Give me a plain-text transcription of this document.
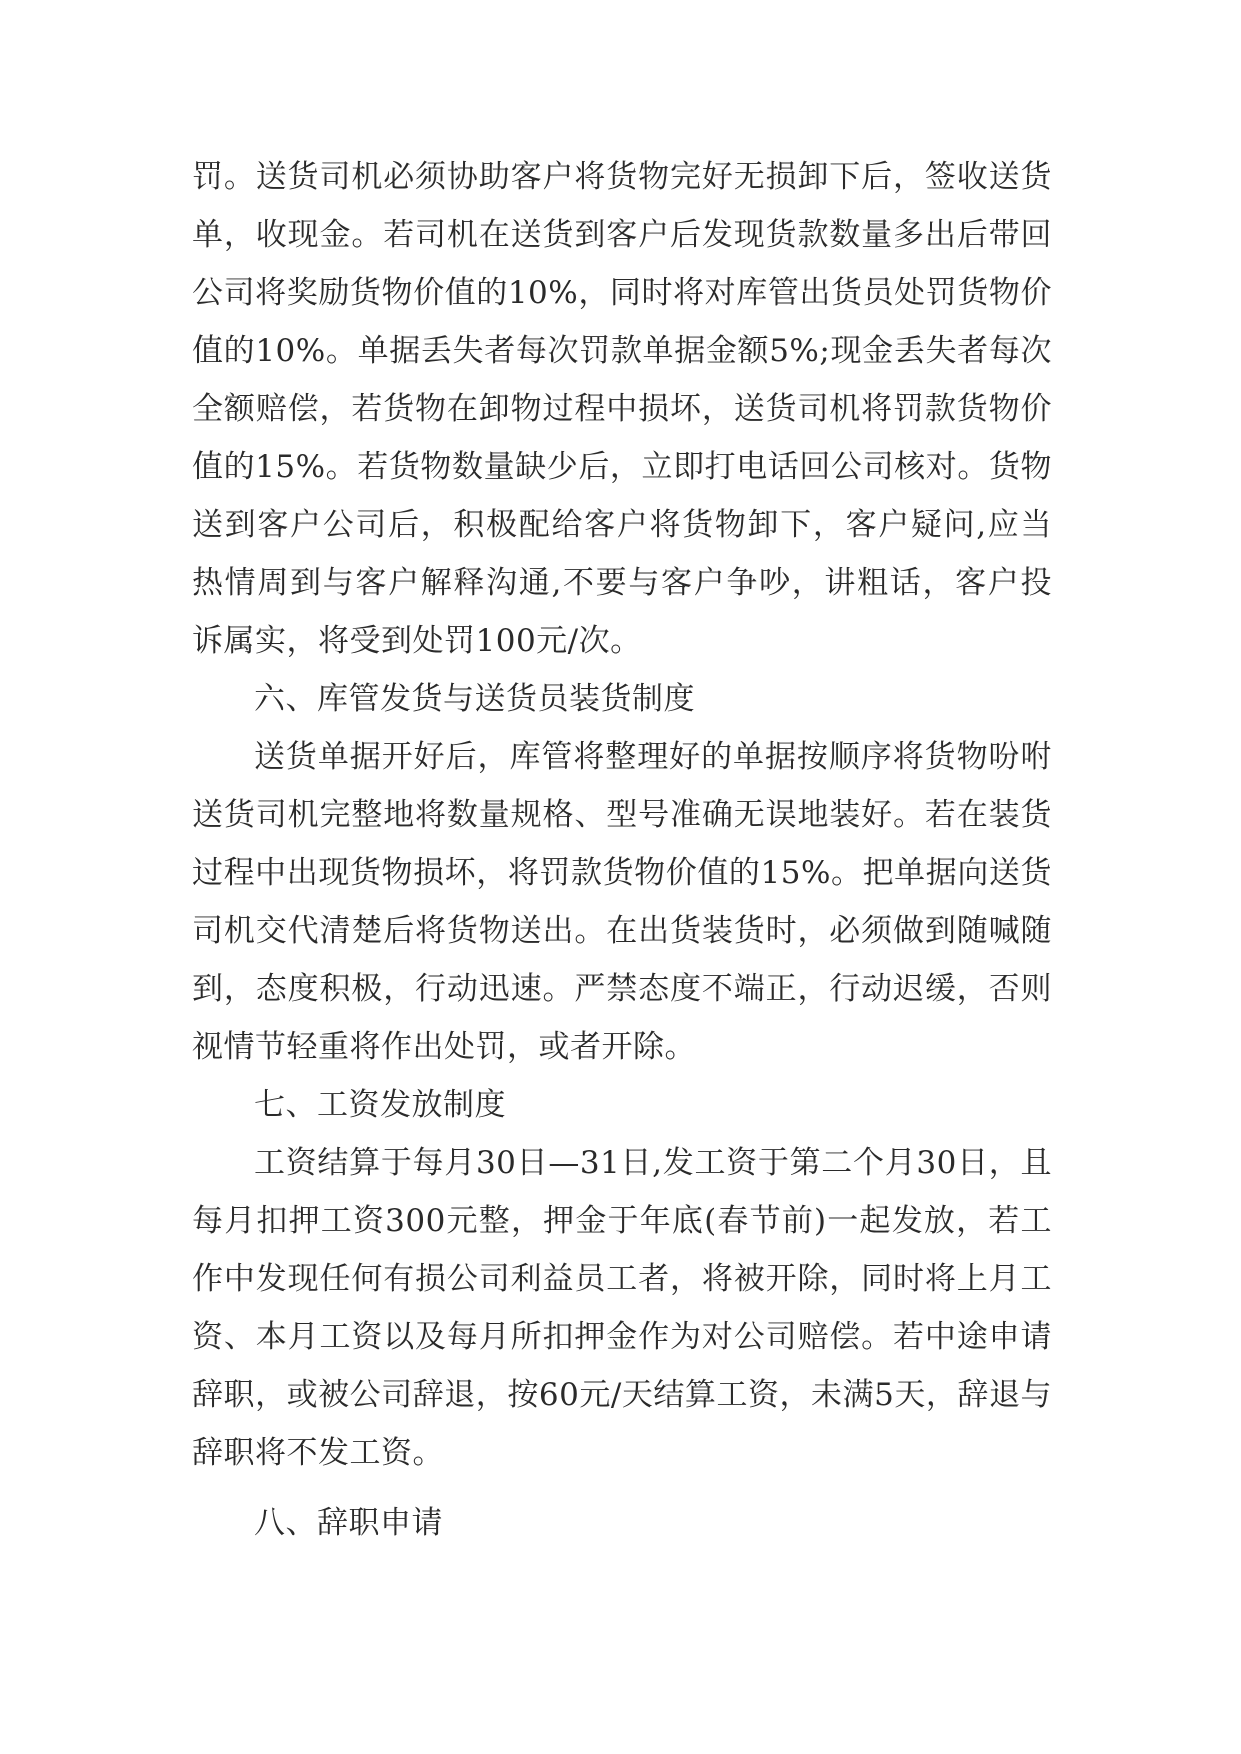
罚。送货司机必须协助客户将货物完好无损卸下后，签收送货单，收现金。若司机在送货到客户后发现货款数量多出后带回公司将奖励货物价值的10%，同时将对库管出货员处罚货物价值的10%。单据丢失者每次罚款单据金额5%;现金丢失者每次全额赔偿，若货物在卸物过程中损坏，送货司机将罚款货物价值的15%。若货物数量缺少后，立即打电话回公司核对。货物送到客户公司后，积极配给客户将货物卸下，客户疑问,应当热情周到与客户解释沟通,不要与客户争吵，讲粗话，客户投诉属实，将受到处罚100元/次。

六、库管发货与送货员装货制度

送货单据开好后，库管将整理好的单据按顺序将货物吩咐送货司机完整地将数量规格、型号准确无误地装好。若在装货过程中出现货物损坏，将罚款货物价值的15%。把单据向送货司机交代清楚后将货物送出。在出货装货时，必须做到随喊随到，态度积极，行动迅速。严禁态度不端正，行动迟缓，否则视情节轻重将作出处罚，或者开除。

七、工资发放制度

工资结算于每月30日—31日,发工资于第二个月30日，且每月扣押工资300元整，押金于年底(春节前)一起发放，若工作中发现任何有损公司利益员工者，将被开除，同时将上月工资、本月工资以及每月所扣押金作为对公司赔偿。若中途申请辞职，或被公司辞退，按60元/天结算工资，未满5天，辞退与辞职将不发工资。

八、辞职申请
